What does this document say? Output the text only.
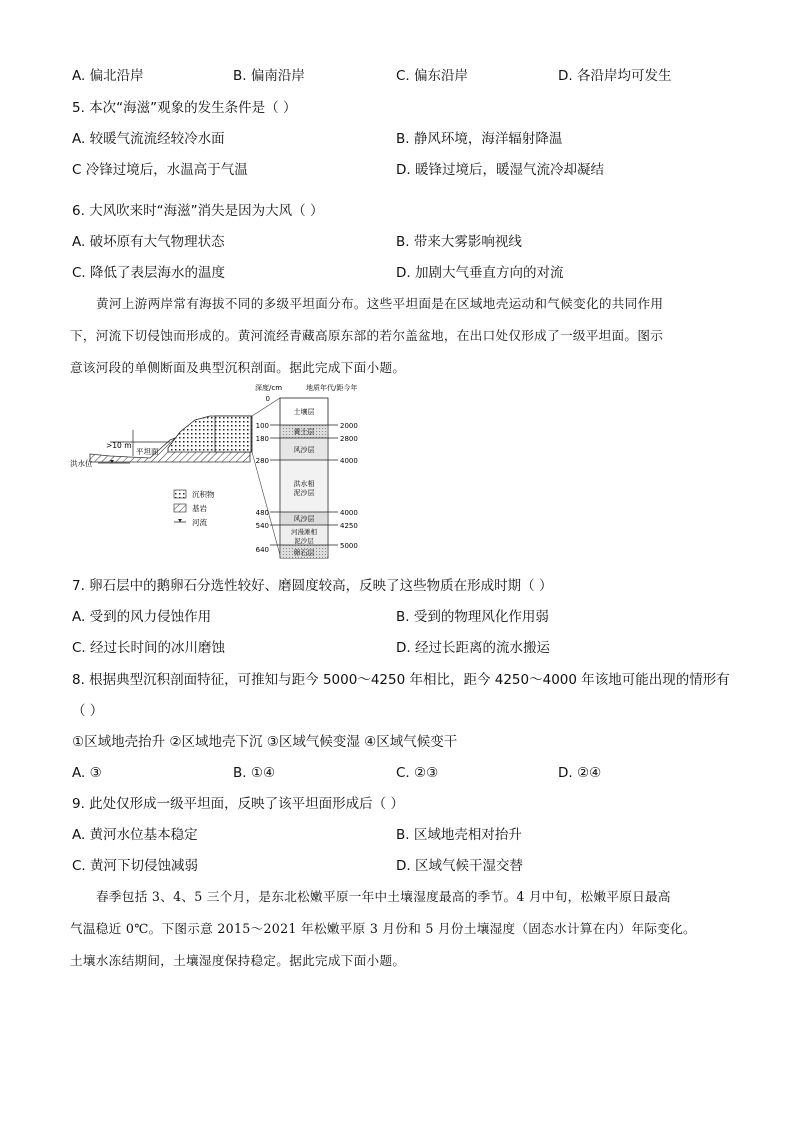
A. 偏北沿岸	B. 偏南沿岸	C. 偏东沿岸	D. 各沿岸均可发生
5. 本次“海滋”观象的发生条件是（ ）
A. 较暖气流流经较冷水面	B. 静风环境，海洋辐射降温
C 冷锋过境后，水温高于气温	D. 暖锋过境后，暖湿气流冷却凝结
6. 大风吹来时“海滋”消失是因为大风（ ）
A. 破坏原有大气物理状态	B. 带来大雾影响视线
C. 降低了表层海水的温度	D. 加剧大气垂直方向的对流
黄河上游两岸常有海拔不同的多级平坦面分布。这些平坦面是在区域地壳运动和气候变化的共同作用
下，河流下切侵蚀而形成的。黄河流经青藏高原东部的若尔盖盆地，在出口处仅形成了一级平坦面。图示
意该河段的单侧断面及典型沉积剖面。据此完成下面小题。
>10 m
平坦面
洪水位
深度/cm	地质年代/距今年
0
100
180
280
480
540
640
2000
2800
4000
4000
4250
5000
土壤层
黄土层
风沙层
洪水相泥沙层
风沙层
河漫滩相泥沙层
卵石层
沉积物
基岩
河流
7. 卵石层中的鹅卵石分选性较好、磨圆度较高，反映了这些物质在形成时期（ ）
A. 受到的风力侵蚀作用	B. 受到的物理风化作用弱
C. 经过长时间的冰川磨蚀	D. 经过长距离的流水搬运
8. 根据典型沉积剖面特征，可推知与距今 5000～4250 年相比，距今 4250～4000 年该地可能出现的情形有
（ ）
①区域地壳抬升 ②区域地壳下沉 ③区域气候变湿 ④区域气候变干
A. ③	B. ①④	C. ②③	D. ②④
9. 此处仅形成一级平坦面，反映了该平坦面形成后（ ）
A. 黄河水位基本稳定	B. 区域地壳相对抬升
C. 黄河下切侵蚀减弱	D. 区域气候干湿交替
春季包括 3、4、5 三个月，是东北松嫩平原一年中土壤湿度最高的季节。4 月中旬，松嫩平原日最高
气温稳近 0℃。下图示意 2015～2021 年松嫩平原 3 月份和 5 月份土壤湿度（固态水计算在内）年际变化。
土壤水冻结期间，土壤湿度保持稳定。据此完成下面小题。
